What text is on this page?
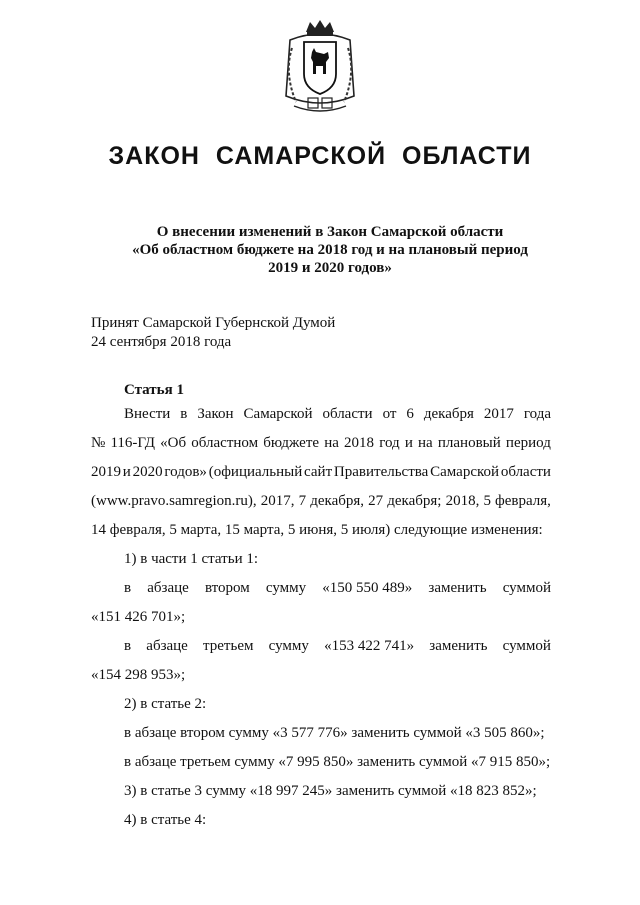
ЗАКОН САМАРСКОЙ ОБЛАСТИ
О внесении изменений в Закон Самарской области
«Об областном бюджете на 2018 год и на плановый период
2019 и 2020 годов»
Принят Самарской Губернской Думой
24 сентября 2018 года
Статья 1
Внести в Закон Самарской области от 6 декабря 2017 года
№ 116-ГД «Об областном бюджете на 2018 год и на плановый период
2019 и 2020 годов» (официальный сайт Правительства Самарской области
(www.pravo.samregion.ru), 2017, 7 декабря, 27 декабря; 2018, 5 февраля,
14 февраля, 5 марта, 15 марта, 5 июня, 5 июля) следующие изменения:
1) в части 1 статьи 1:
в абзаце втором сумму «150 550 489» заменить суммой
«151 426 701»;
в абзаце третьем сумму «153 422 741» заменить суммой
«154 298 953»;
2) в статье 2:
в абзаце втором сумму «3 577 776» заменить суммой «3 505 860»;
в абзаце третьем сумму «7 995 850» заменить суммой «7 915 850»;
3) в статье 3 сумму «18 997 245» заменить суммой «18 823 852»;
4) в статье 4:
